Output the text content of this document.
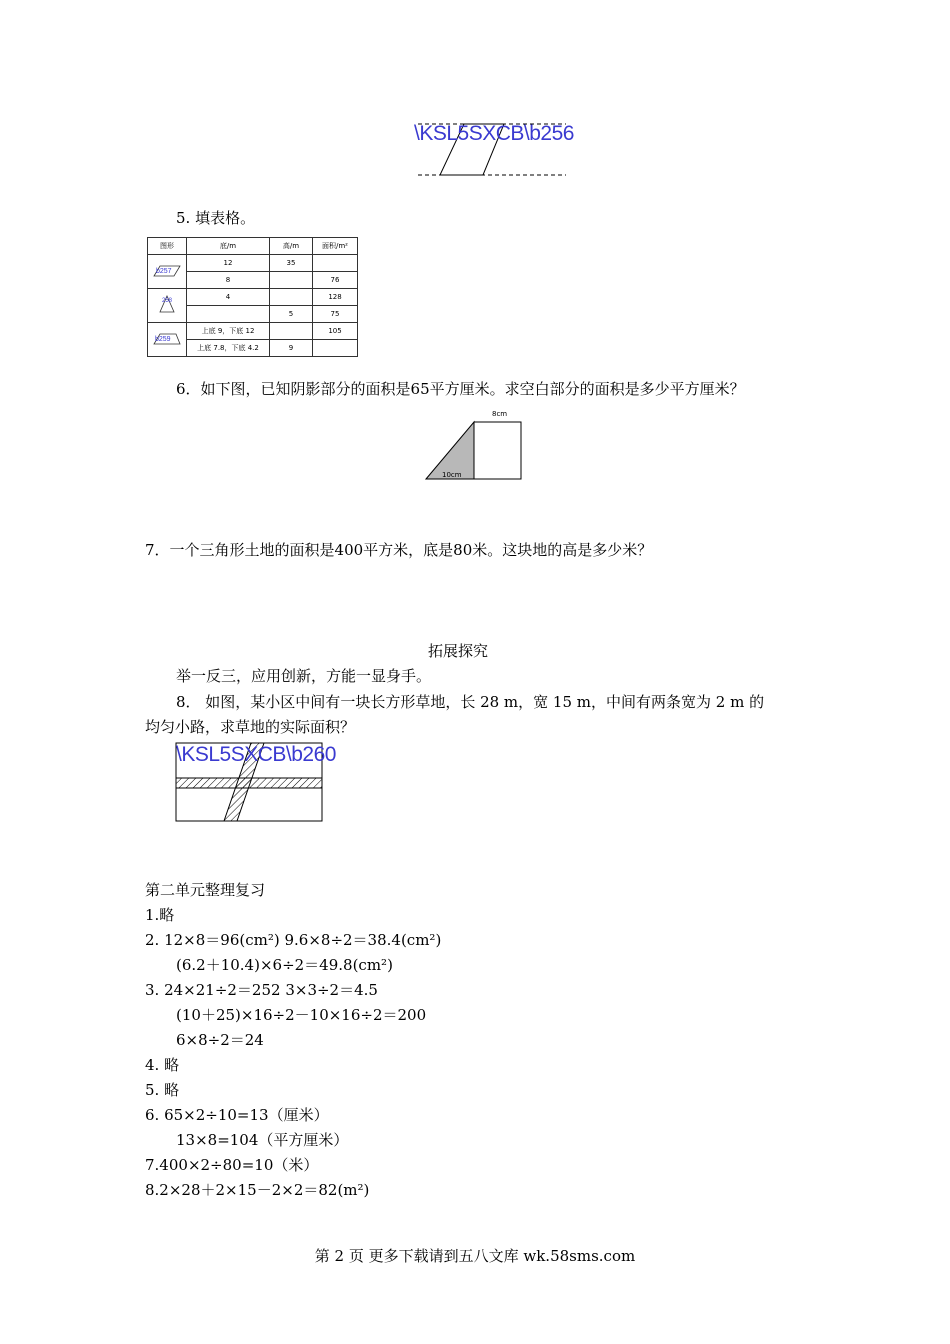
\KSL5SXCB\b256
5. 填表格。
图形	底/m	高/m	面积/m²

b257	12	35	
	8		76

258	4		128
		5	75

b259	上底 9，下底 12		105
	上底 7.8，下底 4.2	9	
6．如下图，已知阴影部分的面积是65平方厘米。求空白部分的面积是多少平方厘米？
8cm
10cm
7．一个三角形土地的面积是400平方米，底是80米。这块地的高是多少米？
拓展探究
举一反三，应用创新，方能一显身手。
8． 如图，某小区中间有一块长方形草地，长 28 m，宽 15 m，中间有两条宽为 2 m 的
均匀小路，求草地的实际面积？
\KSL5SXCB\b260
第二单元整理复习
1.略
2. 12×8＝96(cm²) 9.6×8÷2＝38.4(cm²)
(6.2＋10.4)×6÷2＝49.8(cm²)
3. 24×21÷2＝252 3×3÷2＝4.5
(10＋25)×16÷2－10×16÷2＝200
6×8÷2＝24
4. 略
5. 略
6. 65×2÷10=13（厘米）
13×8=104（平方厘米）
7.400×2÷80=10（米）
8.2×28＋2×15－2×2＝82(m²)
第 2 页 更多下载请到五八文库 wk.58sms.com
